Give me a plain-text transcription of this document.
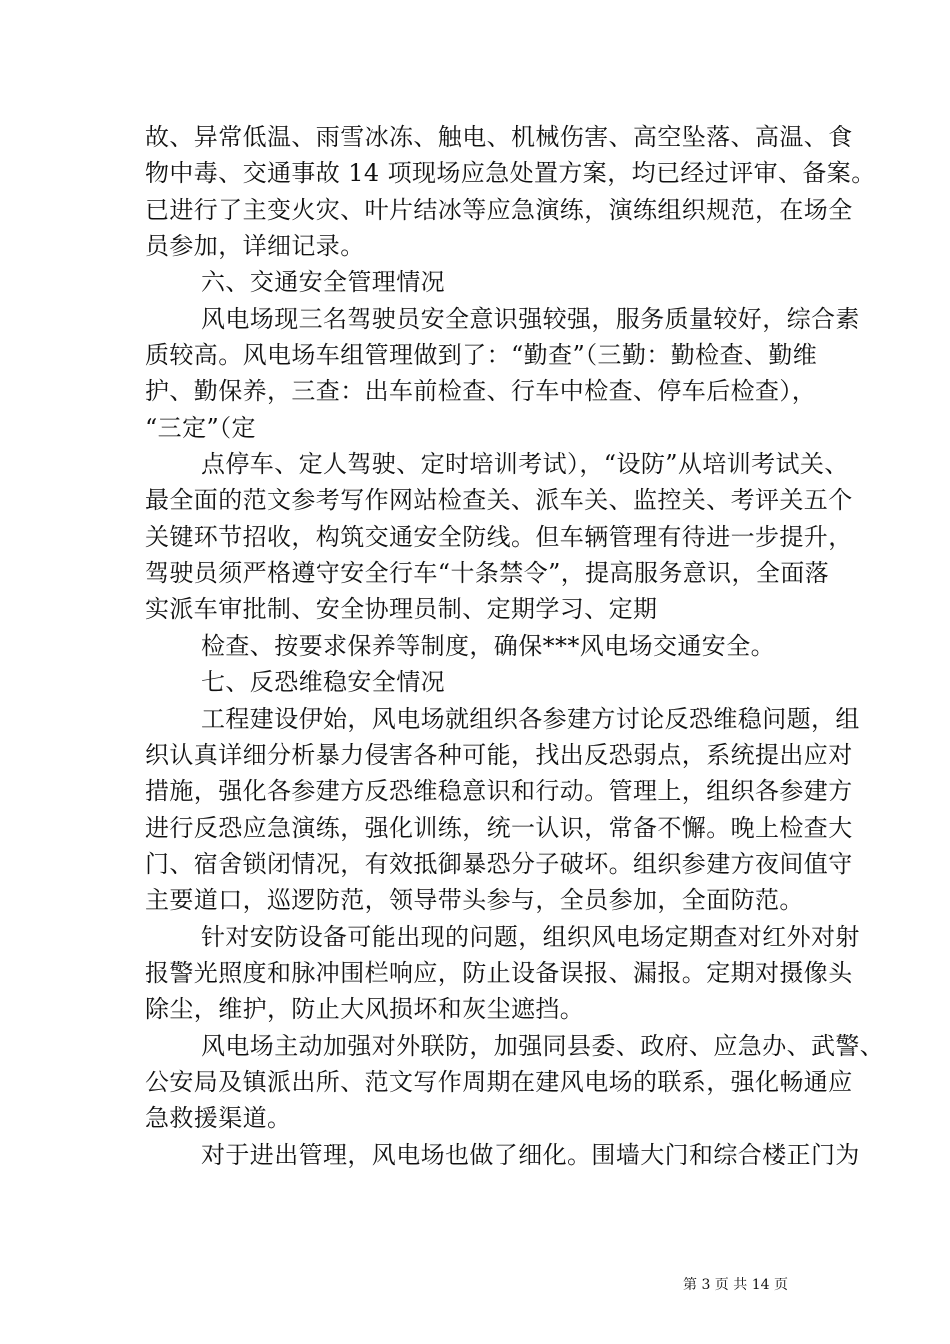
故、异常低温、雨雪冰冻、触电、机械伤害、高空坠落、高温、食
物中毒、交通事故 14 项现场应急处置方案，均已经过评审、备案。
已进行了主变火灾、叶片结冰等应急演练，演练组织规范，在场全
员参加，详细记录。
六、交通安全管理情况
风电场现三名驾驶员安全意识强较强，服务质量较好，综合素
质较高。风电场车组管理做到了：“勤查”（三勤：勤检查、勤维
护、勤保养，三查：出车前检查、行车中检查、停车后检查），
“三定”（定
点停车、定人驾驶、定时培训考试），“设防”从培训考试关、
最全面的范文参考写作网站检查关、派车关、监控关、考评关五个
关键环节招收，构筑交通安全防线。但车辆管理有待进一步提升，
驾驶员须严格遵守安全行车“十条禁令”，提高服务意识，全面落
实派车审批制、安全协理员制、定期学习、定期
检查、按要求保养等制度，确保***风电场交通安全。
七、反恐维稳安全情况
工程建设伊始，风电场就组织各参建方讨论反恐维稳问题，组
织认真详细分析暴力侵害各种可能，找出反恐弱点，系统提出应对
措施，强化各参建方反恐维稳意识和行动。管理上，组织各参建方
进行反恐应急演练，强化训练，统一认识，常备不懈。晚上检查大
门、宿舍锁闭情况，有效抵御暴恐分子破坏。组织参建方夜间值守
主要道口，巡逻防范，领导带头参与，全员参加，全面防范。
针对安防设备可能出现的问题，组织风电场定期查对红外对射
报警光照度和脉冲围栏响应，防止设备误报、漏报。定期对摄像头
除尘，维护，防止大风损坏和灰尘遮挡。
风电场主动加强对外联防，加强同县委、政府、应急办、武警、
公安局及镇派出所、范文写作周期在建风电场的联系，强化畅通应
急救援渠道。
对于进出管理，风电场也做了细化。围墙大门和综合楼正门为
第 3 页 共 14 页
